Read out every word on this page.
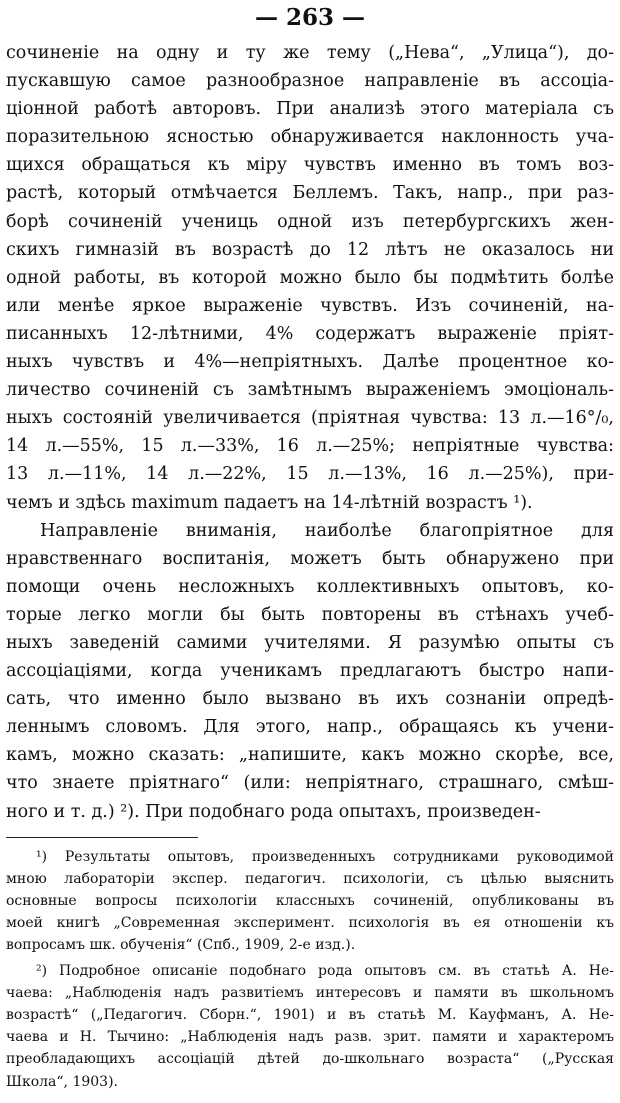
— 263 —
сочиненіе на одну и ту же тему („Нева“, „Улица“), до-
пускавшую самое разнообразное направленіе въ ассоціа-
ціонной работѣ авторовъ. При анализѣ этого матеріала съ
поразительною ясностью обнаруживается наклонность уча-
щихся обращаться къ міру чувствъ именно въ томъ воз-
растѣ, который отмѣчается Беллемъ. Такъ, напр., при раз-
борѣ сочиненій учениць одной изъ петербургскихъ жен-
скихъ гимназій въ возрастѣ до 12 лѣтъ не оказалось ни
одной работы, въ которой можно было бы подмѣтить болѣе
или менѣе яркое выраженіе чувствъ. Изъ сочиненій, на-
писанныхъ 12-лѣтними, 4% содержатъ выраженіе пріят-
ныхъ чувствъ и 4%—непріятныхъ. Далѣе процентное ко-
личество сочиненій съ замѣтнымъ выраженіемъ эмоціональ-
ныхъ состояній увеличивается (пріятная чувства: 13 л.—16°/₀,
14 л.—55%, 15 л.—33%, 16 л.—25%; непріятные чувства:
13 л.—11%, 14 л.—22%, 15 л.—13%, 16 л.—25%), при-
чемъ и здѣсь maximum падаетъ на 14-лѣтній возрастъ ¹).
Направленіе вниманія, наиболѣе благопріятное для
нравственнаго воспитанія, можетъ быть обнаружено при
помощи очень несложныхъ коллективныхъ опытовъ, ко-
торые легко могли бы быть повторены въ стѣнахъ учеб-
ныхъ заведеній самими учителями. Я разумѣю опыты съ
ассоціаціями, когда ученикамъ предлагаютъ быстро напи-
сать, что именно было вызвано въ ихъ сознаніи опредѣ-
леннымъ словомъ. Для этого, напр., обращаясь къ учени-
камъ, можно сказать: „напишите, какъ можно скорѣе, все,
что знаете пріятнаго“ (или: непріятнаго, страшнаго, смѣш-
ного и т. д.) ²). При подобнаго рода опытахъ, произведен-
¹) Результаты опытовъ, произведенныхъ сотрудниками руководимой
мною лабораторіи экспер. педагогич. психологіи, съ цѣлью выяснить
основные вопросы психологіи классныхъ сочиненій, опубликованы въ
моей книгѣ „Современная эксперимент. психологія въ ея отношеніи къ
вопросамъ шк. обученія“ (Спб., 1909, 2-е изд.).
²) Подробное описаніе подобнаго рода опытовъ см. въ статьѣ А. Не-
чаева: „Наблюденія надъ развитіемъ интересовъ и памяти въ школьномъ
возрастѣ“ („Педагогич. Сборн.“, 1901) и въ статьѣ М. Кауфманъ, А. Не-
чаева и Н. Тычино: „Наблюденія надъ разв. зрит. памяти и характеромъ
преобладающихъ ассоціацій дѣтей до-школьнаго возраста“ („Русская
Школа“, 1903).
